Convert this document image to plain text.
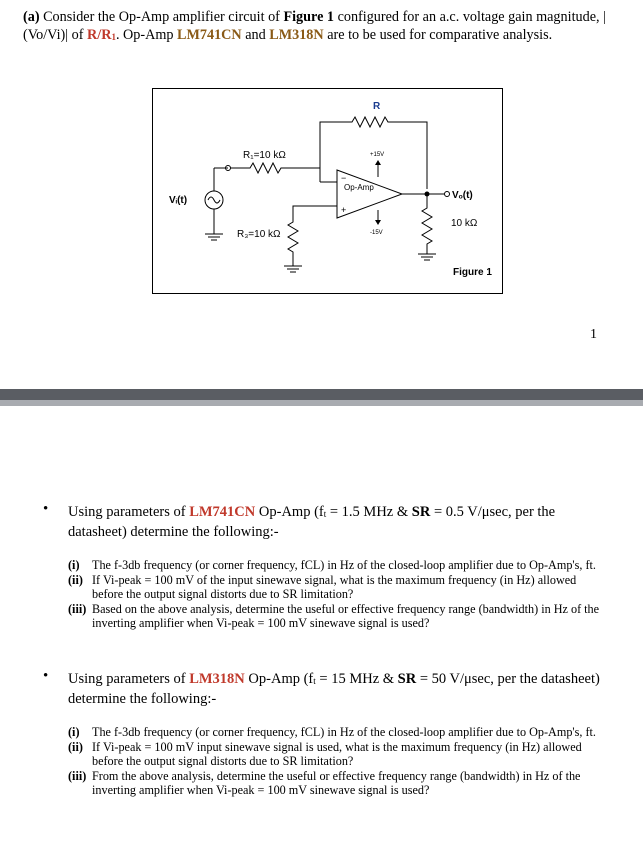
(a) Consider the Op-Amp amplifier circuit of Figure 1 configured for an a.c. voltage gain magnitude, |(Vo/Vi)| of $R/R_1$. Op-Amp LM741CN and LM318N are to be used for comparative analysis.
R
R₁=10 kΩ
Op-Amp
−
+
+15V
-15V
Vₒ(t)
10 kΩ
R₃=10 kΩ
Vᵢ(t)
Figure 1
1
• Using parameters of LM741CN Op-Amp ($f_t = 1.5$ MHz & SR = 0.5 V/μsec, per the datasheet) determine the following:-
(i) The f-3db frequency (or corner frequency, fCL) in Hz of the closed-loop amplifier due to Op-Amp's, ft.
(ii) If Vi-peak = 100 mV of the input sinewave signal, what is the maximum frequency (in Hz) allowed before the output signal distorts due to SR limitation?
(iii) Based on the above analysis, determine the useful or effective frequency range (bandwidth) in Hz of the inverting amplifier when Vi-peak = 100 mV sinewave signal is used?
• Using parameters of LM318N Op-Amp ($f_t = 15$ MHz & SR = 50 V/μsec, per the datasheet) determine the following:-
(i) The f-3db frequency (or corner frequency, fCL) in Hz of the closed-loop amplifier due to Op-Amp's, ft.
(ii) If Vi-peak = 100 mV input sinewave signal is used, what is the maximum frequency (in Hz) allowed before the output signal distorts due to SR limitation?
(iii) From the above analysis, determine the useful or effective frequency range (bandwidth) in Hz of the inverting amplifier when Vi-peak = 100 mV sinewave signal is used?
